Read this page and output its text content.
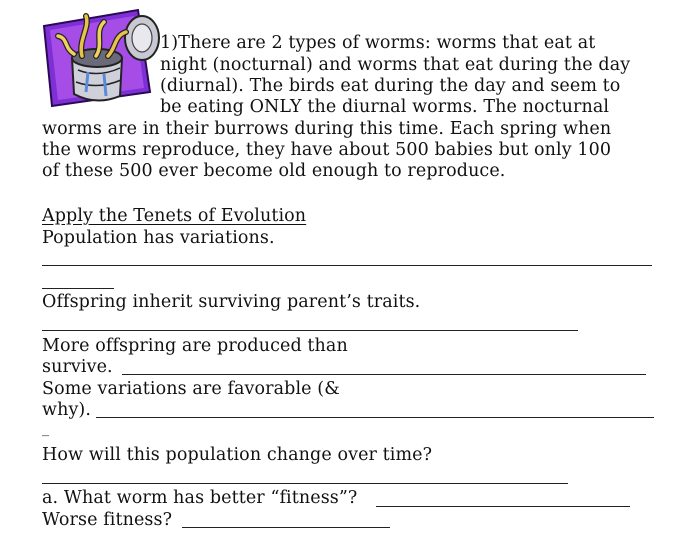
1)There are 2 types of worms: worms that eat at
night (nocturnal) and worms that eat during the day
(diurnal). The birds eat during the day and seem to
be eating ONLY the diurnal worms. The nocturnal
worms are in their burrows during this time. Each spring when
the worms reproduce, they have about 500 babies but only 100
of these 500 ever become old enough to reproduce.
Apply the Tenets of Evolution
Population has variations.
Offspring inherit surviving parent’s traits.
More offspring are produced than
survive.
Some variations are favorable (&
why).
_
How will this population change over time?
a. What worm has better “fitness”?
Worse fitness?
